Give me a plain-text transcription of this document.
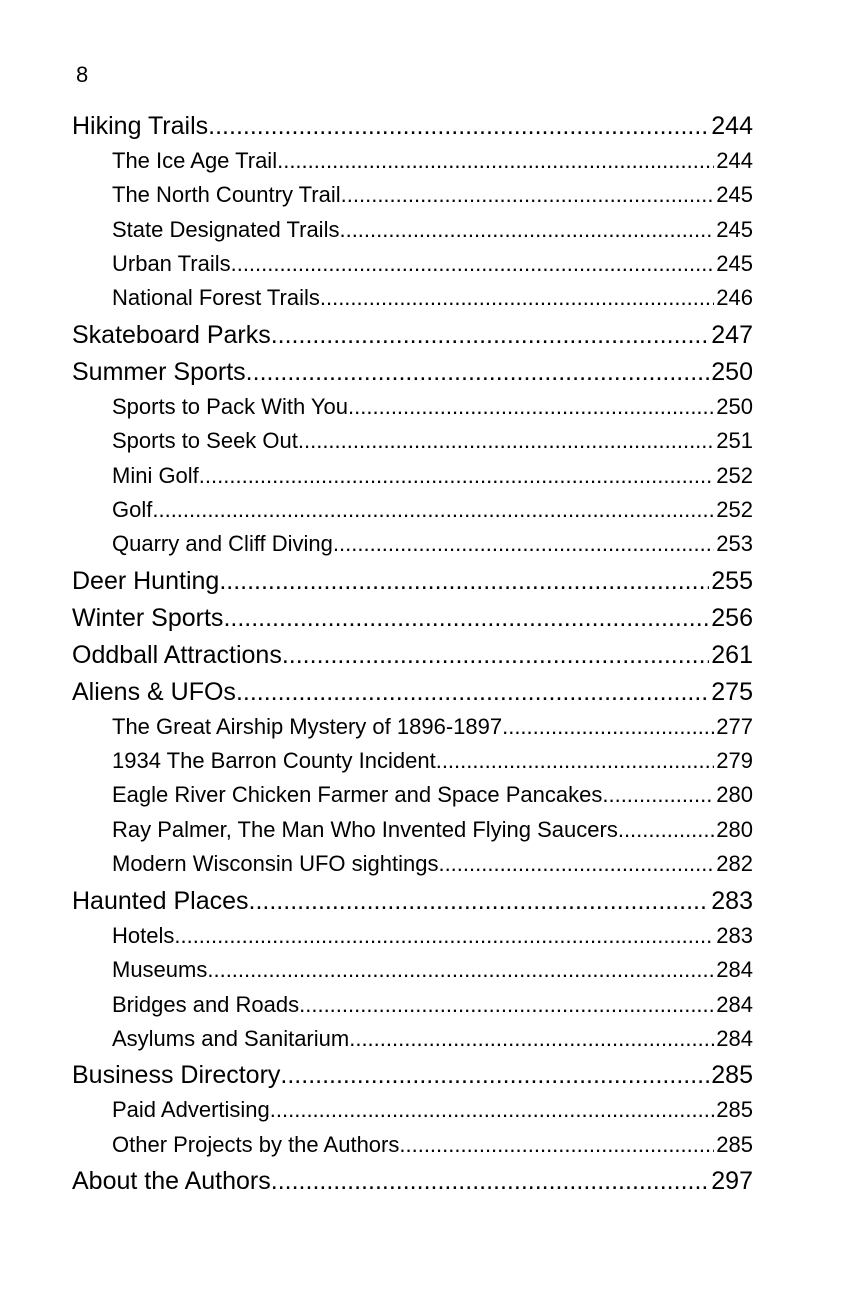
8
Hiking Trails .....	244
The Ice Age Trail .....	244
The North Country Trail .....	245
State Designated Trails .....	245
Urban Trails .....	245
National Forest Trails .....	246
Skateboard Parks .....	247
Summer Sports .....	250
Sports to Pack With You .....	250
Sports to Seek Out .....	251
Mini Golf .....	252
Golf .....	252
Quarry and Cliff Diving .....	253
Deer Hunting .....	255
Winter Sports .....	256
Oddball Attractions .....	261
Aliens & UFOs .....	275
The Great Airship Mystery of 1896-1897 .....	277
1934 The Barron County Incident .....	279
Eagle River Chicken Farmer and Space Pancakes .....	280
Ray Palmer, The Man Who Invented Flying Saucers .....	280
Modern Wisconsin UFO sightings .....	282
Haunted Places .....	283
Hotels .....	283
Museums .....	284
Bridges and Roads .....	284
Asylums and Sanitarium .....	284
Business Directory .....	285
Paid Advertising .....	285
Other Projects by the Authors .....	285
About the Authors .....	297
